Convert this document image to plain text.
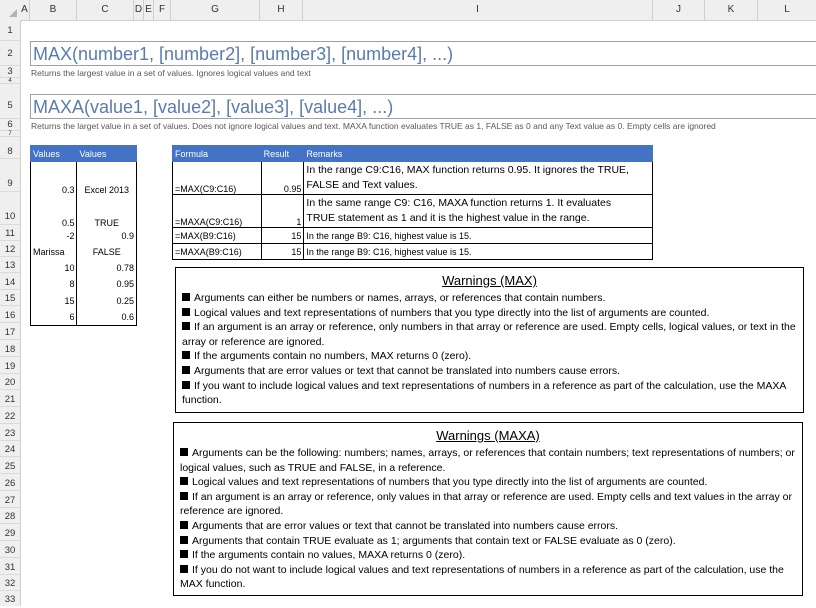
A	B	C	D E F	G	H	I	J	K	L
1
2
3
4
5
6
7
8
9
10
11
12
13
14
15
16
17
18
19
20
21
22
23
24
25
26
27
28
29
30
31
32
33
MAX(number1, [number2], [number3], [number4], ...)
Returns the largest value in a set of values. Ignores logical values and text
MAXA(value1, [value2], [value3], [value4], ...)
Returns the larget value in a set of values. Does not ignore logical values and text. MAXA function evaluates TRUE as 1, FALSE as 0 and any Text value as 0. Empty cells are ignored
Values	Values
0.3	Excel 2013
0.5	TRUE
-2	0.9
Marissa	FALSE
10	0.78
8	0.95
15	0.25
6	0.6
Formula	Result	Remarks
=MAX(C9:C16)	0.95	In the range C9:C16, MAX function returns 0.95. It ignores the TRUE,
FALSE and Text values.

=MAXA(C9:C16)	1	In the same range C9: C16, MAXA function returns 1. It evaluates
TRUE statement as 1 and it is the highest value in the range.

=MAX(B9:C16)	15	In the range B9: C16, highest value is 15.
=MAXA(B9:C16)	15	In the range B9: C16, highest value is 15.
Warnings (MAX)

Arguments can either be numbers or names, arrays, or references that contain numbers.

Logical values and text representations of numbers that you type directly into the list of arguments are counted.

If an argument is an array or reference, only numbers in that array or reference are used. Empty cells, logical values, or text in the array or reference are ignored.

If the arguments contain no numbers, MAX returns 0 (zero).

Arguments that are error values or text that cannot be translated into numbers cause errors.

If you want to include logical values and text representations of numbers in a reference as part of the calculation, use the MAXA function.

Warnings (MAXA)

Arguments can be the following: numbers; names, arrays, or references that contain numbers; text representations of numbers; or logical values, such as TRUE and FALSE, in a reference.

Logical values and text representations of numbers that you type directly into the list of arguments are counted.

If an argument is an array or reference, only values in that array or reference are used. Empty cells and text values in the array or reference are ignored.

Arguments that are error values or text that cannot be translated into numbers cause errors.

Arguments that contain TRUE evaluate as 1; arguments that contain text or FALSE evaluate as 0 (zero).

If the arguments contain no values, MAXA returns 0 (zero).

If you do not want to include logical values and text representations of numbers in a reference as part of the calculation, use the MAX function.
